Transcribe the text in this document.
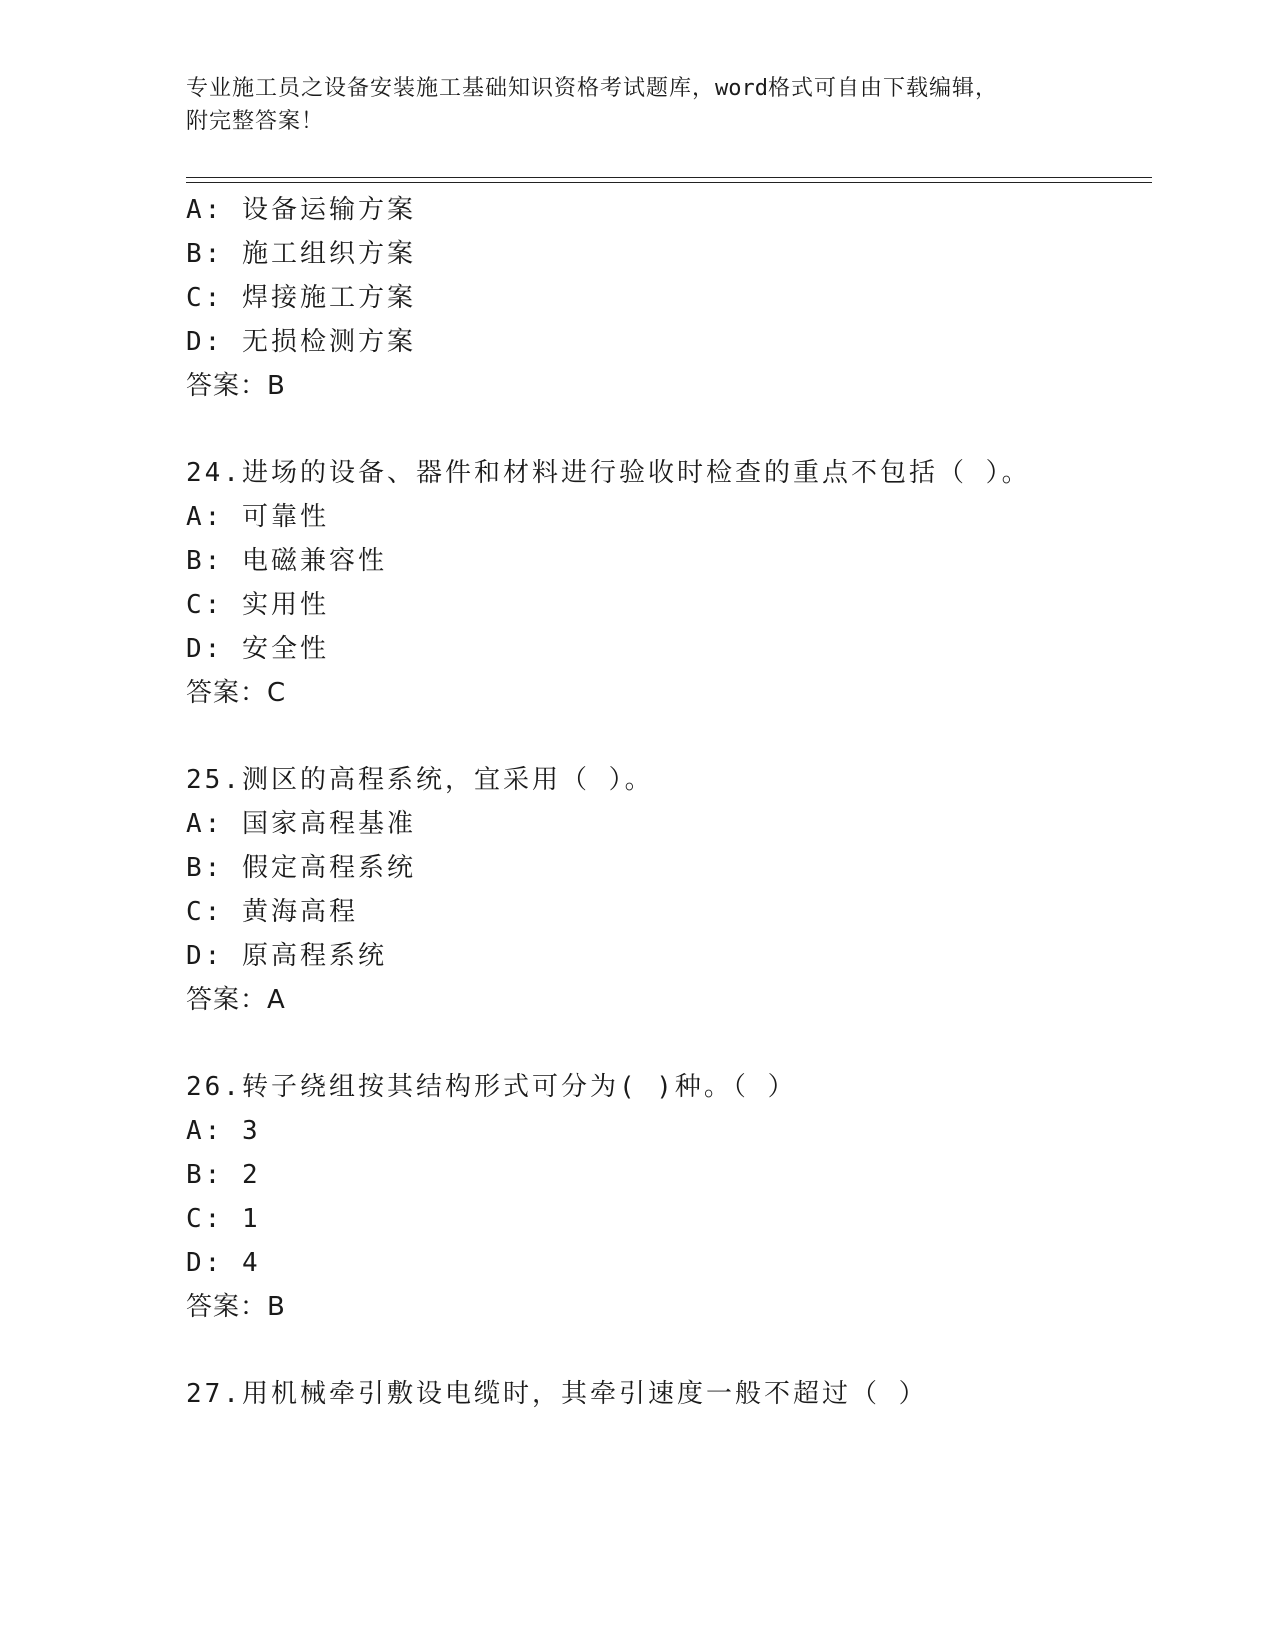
专业施工员之设备安装施工基础知识资格考试题库，word格式可自由下载编辑，
附完整答案！
A: 设备运输方案
B: 施工组织方案
C: 焊接施工方案
D: 无损检测方案
答案：B
24.进场的设备、器件和材料进行验收时检查的重点不包括（ ）。
A: 可靠性
B: 电磁兼容性
C: 实用性
D: 安全性
答案：C
25.测区的高程系统，宜采用（ ）。
A: 国家高程基准
B: 假定高程系统
C: 黄海高程
D: 原高程系统
答案：A
26.转子绕组按其结构形式可分为( )种。（ ）
A: 3
B: 2
C: 1
D: 4
答案：B
27.用机械牵引敷设电缆时，其牵引速度一般不超过（ ）
